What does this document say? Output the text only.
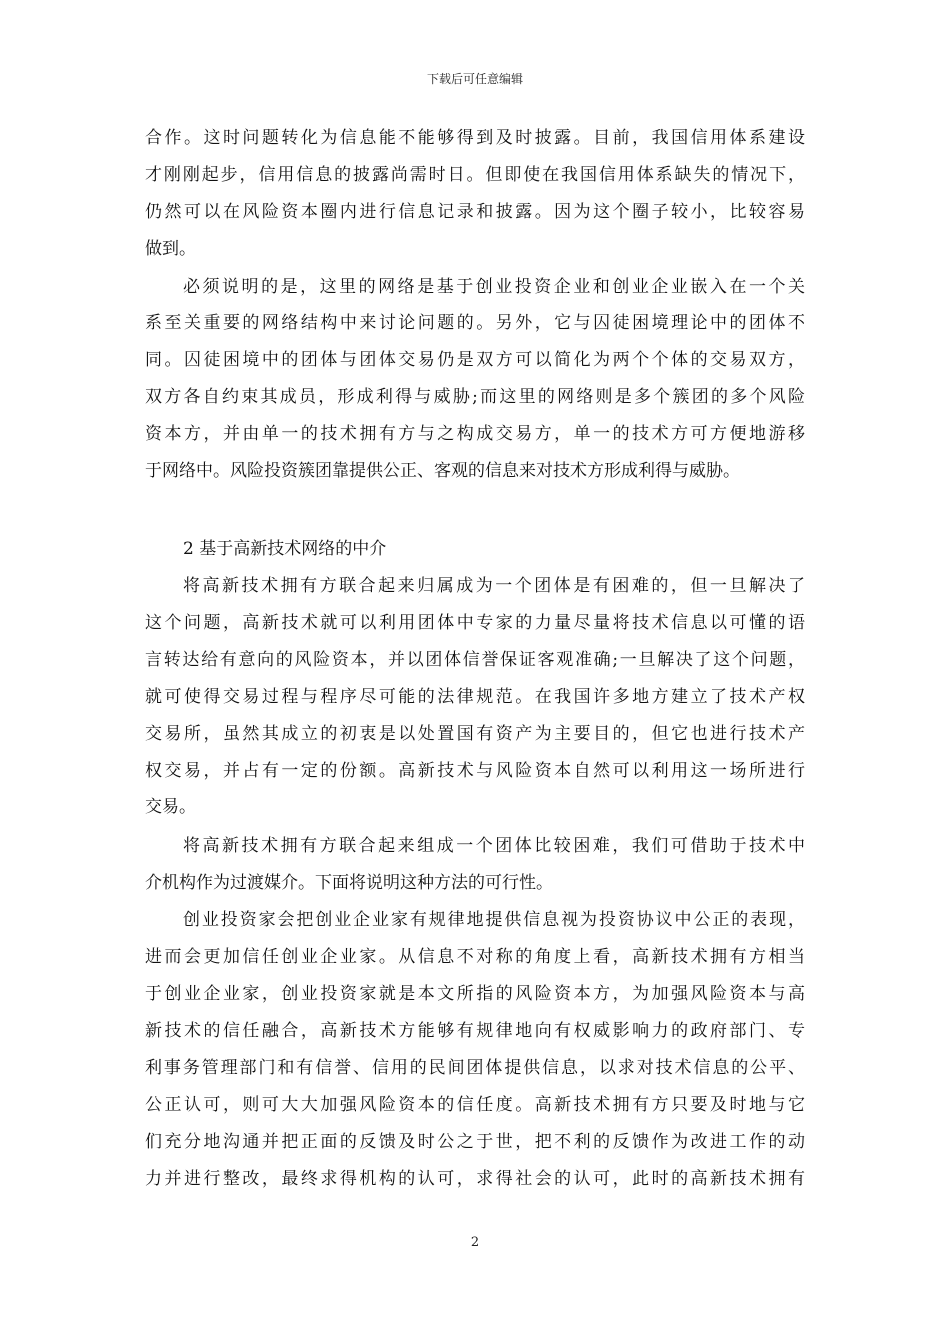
下载后可任意编辑
合作。这时问题转化为信息能不能够得到及时披露。目前，我国信用体系建设
才刚刚起步，信用信息的披露尚需时日。但即使在我国信用体系缺失的情况下，
仍然可以在风险资本圈内进行信息记录和披露。因为这个圈子较小，比较容易
做到。
必须说明的是，这里的网络是基于创业投资企业和创业企业嵌入在一个关
系至关重要的网络结构中来讨论问题的。另外，它与囚徒困境理论中的团体不
同。囚徒困境中的团体与团体交易仍是双方可以简化为两个个体的交易双方，
双方各自约束其成员，形成利得与威胁;而这里的网络则是多个簇团的多个风险
资本方，并由单一的技术拥有方与之构成交易方，单一的技术方可方便地游移
于网络中。风险投资簇团靠提供公正、客观的信息来对技术方形成利得与威胁。
2 基于高新技术网络的中介
将高新技术拥有方联合起来归属成为一个团体是有困难的，但一旦解决了
这个问题，高新技术就可以利用团体中专家的力量尽量将技术信息以可懂的语
言转达给有意向的风险资本，并以团体信誉保证客观准确;一旦解决了这个问题，
就可使得交易过程与程序尽可能的法律规范。在我国许多地方建立了技术产权
交易所，虽然其成立的初衷是以处置国有资产为主要目的，但它也进行技术产
权交易，并占有一定的份额。高新技术与风险资本自然可以利用这一场所进行
交易。
将高新技术拥有方联合起来组成一个团体比较困难，我们可借助于技术中
介机构作为过渡媒介。下面将说明这种方法的可行性。
创业投资家会把创业企业家有规律地提供信息视为投资协议中公正的表现，
进而会更加信任创业企业家。从信息不对称的角度上看，高新技术拥有方相当
于创业企业家，创业投资家就是本文所指的风险资本方，为加强风险资本与高
新技术的信任融合，高新技术方能够有规律地向有权威影响力的政府部门、专
利事务管理部门和有信誉、信用的民间团体提供信息，以求对技术信息的公平、
公正认可，则可大大加强风险资本的信任度。高新技术拥有方只要及时地与它
们充分地沟通并把正面的反馈及时公之于世，把不利的反馈作为改进工作的动
力并进行整改，最终求得机构的认可，求得社会的认可，此时的高新技术拥有
2
